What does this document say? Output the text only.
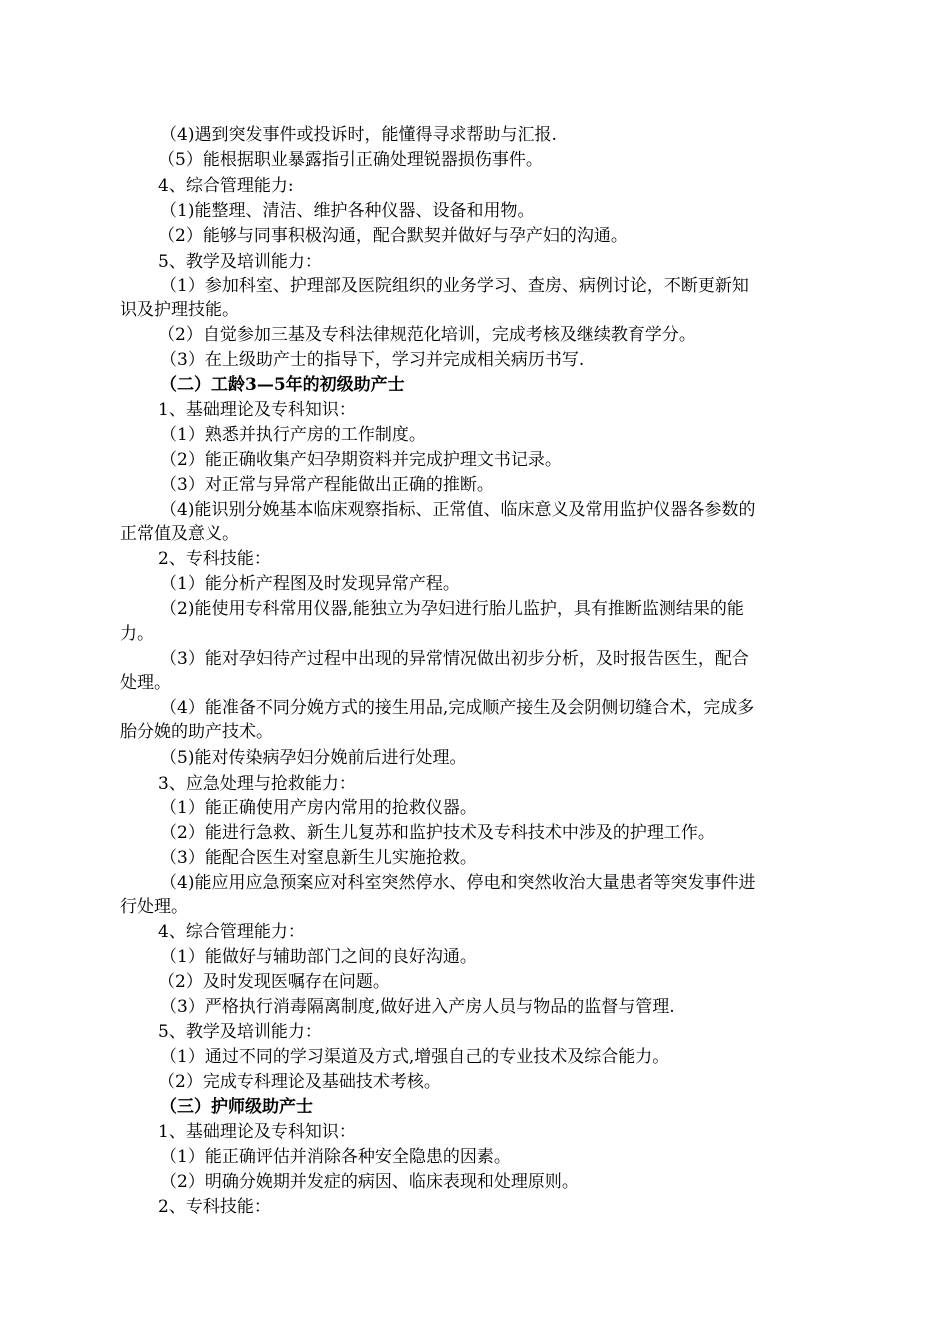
（4)遇到突发事件或投诉时，能懂得寻求帮助与汇报.
（5）能根据职业暴露指引正确处理锐器损伤事件。
4、综合管理能力:
（1)能整理、清洁、维护各种仪器、设备和用物。
（2）能够与同事积极沟通，配合默契并做好与孕产妇的沟通。
5、教学及培训能力：
（1）参加科室、护理部及医院组织的业务学习、查房、病例讨论，不断更新知
识及护理技能。
（2）自觉参加三基及专科法律规范化培训，完成考核及继续教育学分。
（3）在上级助产士的指导下，学习并完成相关病历书写.
（二）工龄3—5年的初级助产士
1、基础理论及专科知识：
（1）熟悉并执行产房的工作制度。
（2）能正确收集产妇孕期资料并完成护理文书记录。
（3）对正常与异常产程能做出正确的推断。
（4)能识别分娩基本临床观察指标、正常值、临床意义及常用监护仪器各参数的
正常值及意义。
2、专科技能：
（1）能分析产程图及时发现异常产程。
（2)能使用专科常用仪器,能独立为孕妇进行胎儿监护，具有推断监测结果的能
力。
（3）能对孕妇待产过程中出现的异常情况做出初步分析，及时报告医生，配合
处理。
（4）能准备不同分娩方式的接生用品,完成顺产接生及会阴侧切缝合术，完成多
胎分娩的助产技术。
（5)能对传染病孕妇分娩前后进行处理。
3、应急处理与抢救能力：
（1）能正确使用产房内常用的抢救仪器。
（2）能进行急救、新生儿复苏和监护技术及专科技术中涉及的护理工作。
（3）能配合医生对窒息新生儿实施抢救。
（4)能应用应急预案应对科室突然停水、停电和突然收治大量患者等突发事件进
行处理。
4、综合管理能力：
（1）能做好与辅助部门之间的良好沟通。
（2）及时发现医嘱存在问题。
（3）严格执行消毒隔离制度,做好进入产房人员与物品的监督与管理.
5、教学及培训能力：
（1）通过不同的学习渠道及方式,增强自己的专业技术及综合能力。
（2）完成专科理论及基础技术考核。
（三）护师级助产士
1、基础理论及专科知识：
（1）能正确评估并消除各种安全隐患的因素。
（2）明确分娩期并发症的病因、临床表现和处理原则。
2、专科技能：
